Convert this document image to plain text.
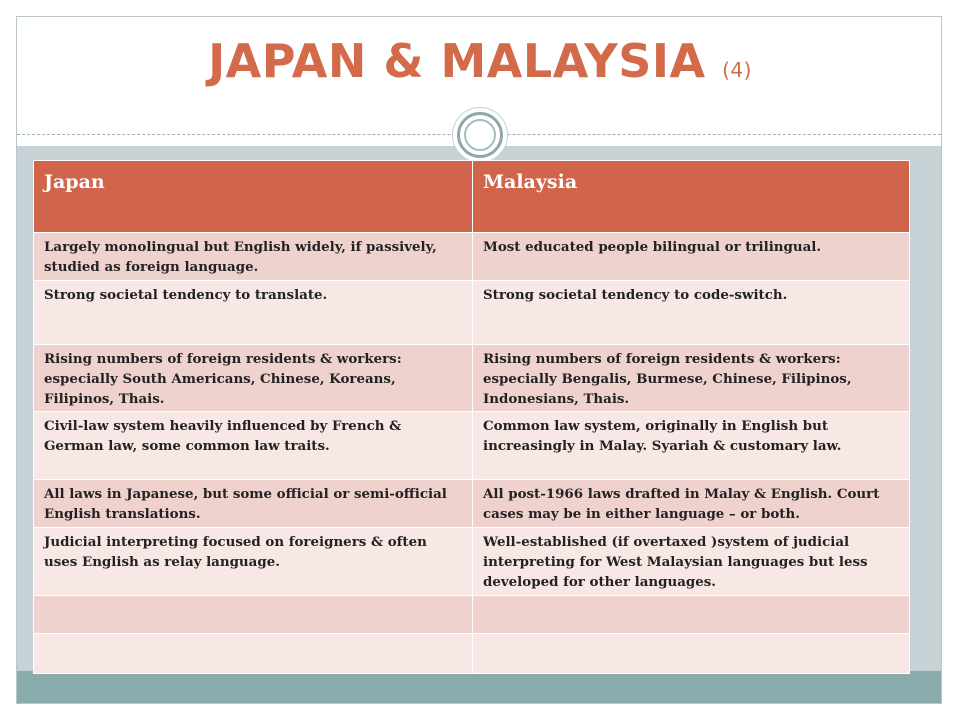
JAPAN & MALAYSIA (4)
Japan	Malaysia
Largely monolingual but English widely, if passively, studied as foreign language.	Most educated people bilingual or trilingual.
Strong societal tendency to translate.	Strong societal tendency to code-switch.
Rising numbers of foreign residents & workers: especially South Americans, Chinese, Koreans, Filipinos, Thais.	Rising numbers of foreign residents & workers: especially Bengalis, Burmese, Chinese, Filipinos, Indonesians, Thais.
Civil-law system heavily influenced by French & German law, some common law traits.	Common law system, originally in English but increasingly in Malay. Syariah & customary law.
All laws in Japanese, but some official or semi-official English translations.	All post-1966 laws drafted in Malay & English. Court cases may be in either language – or both.
Judicial interpreting focused on foreigners & often uses English as relay language.	Well-established (if overtaxed )system of judicial interpreting for West Malaysian languages but less developed for other languages.
